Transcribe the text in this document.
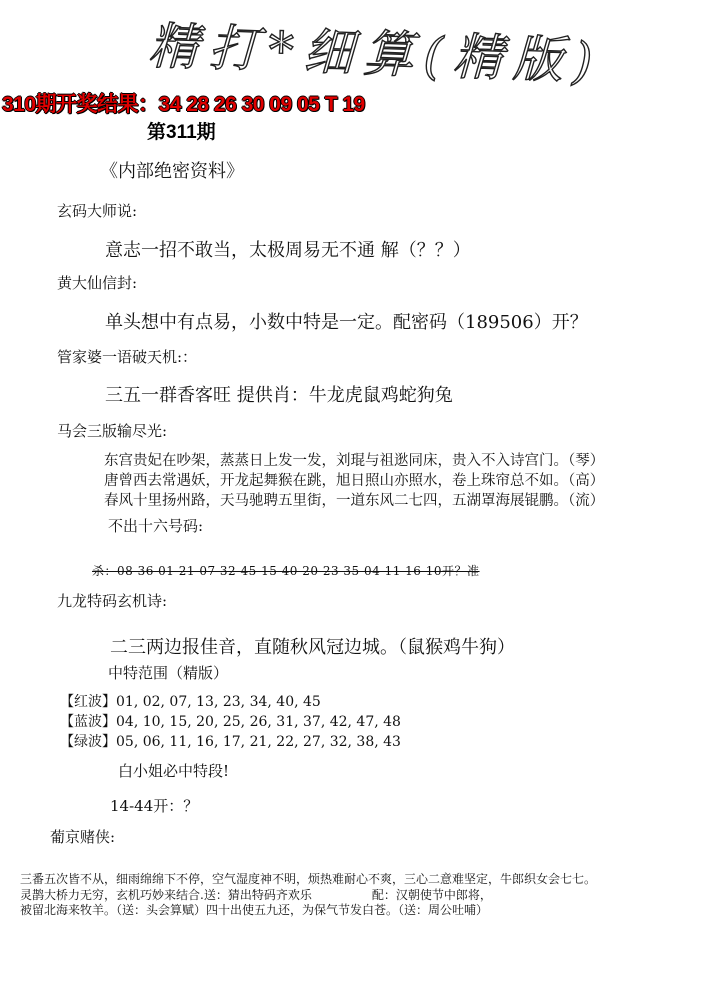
精打*细算(精版)
310期开奖结果：34 28 26 30 09 05 T 19
第311期
《内部绝密资料》
玄码大师说:
意志一招不敢当，太极周易无不通 解（？？）
黄大仙信封:
单头想中有点易，小数中特是一定。配密码（189506）开？
管家婆一语破天机:：
三五一群香客旺 提供肖：牛龙虎鼠鸡蛇狗兔
马会三版输尽光:
东宫贵妃在吵架，蒸蒸日上发一发，刘琨与祖逖同床，贵入不入诗宫门。（琴）
唐曾西去常遇妖，开龙起舞猴在跳，旭日照山亦照水，卷上珠帘总不如。（高）
春风十里扬州路，天马驰聘五里街，一道东风二七四，五湖罩海展锟鹏。（流）
不出十六号码:
杀：08 36 01 21 07 32 45 15 40 20 23 35 04 11 16 10开？准
九龙特码玄机诗:
二三两边报佳音，直随秋风冠边城。（鼠猴鸡牛狗）
中特范围（精版）
【红波】01, 02, 07, 13, 23, 34, 40, 45
【蓝波】04, 10, 15, 20, 25, 26, 31, 37, 42, 47, 48
【绿波】05, 06, 11, 16, 17, 21, 22, 27, 32, 38, 43
白小姐必中特段!
14-44开：？
葡京赌侠:
三番五次皆不从，细雨绵绵下不停，空气湿度神不明，烦热难耐心不爽，三心二意难坚定，牛郎织女会七七。
灵鹊大桥力无穷，玄机巧妙来结合.送：猜出特码齐欢乐	配：汉朝使节中郎将，
被留北海来牧羊。（送：头会算赋）四十出使五九还，为保气节发白苍。（送：周公吐哺）
